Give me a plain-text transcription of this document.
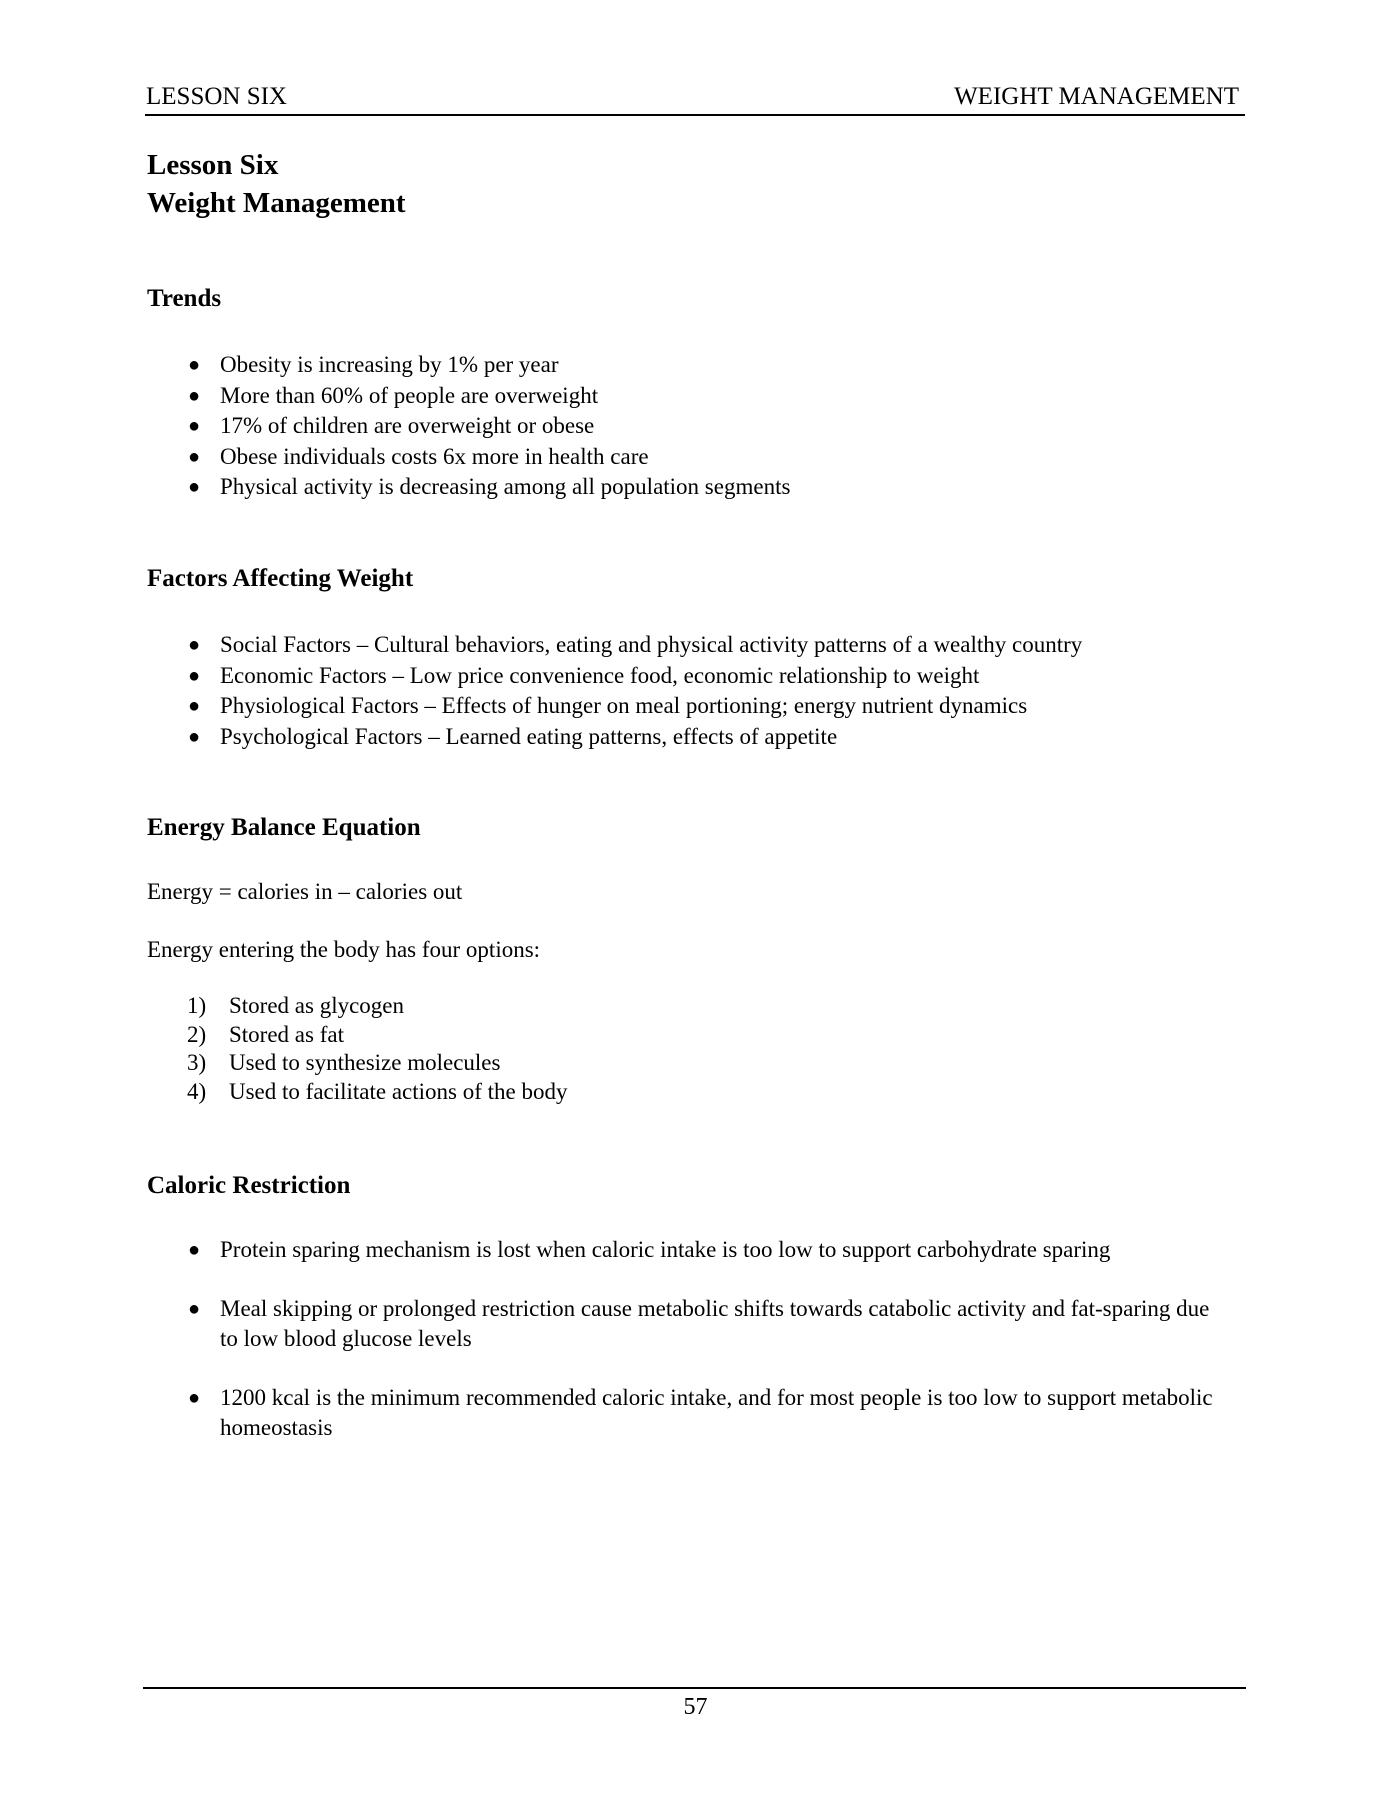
LESSON SIX	WEIGHT MANAGEMENT
Lesson Six
Weight Management
Trends
● Obesity is increasing by 1% per year
● More than 60% of people are overweight
● 17% of children are overweight or obese
● Obese individuals costs 6x more in health care
● Physical activity is decreasing among all population segments
Factors Affecting Weight
● Social Factors – Cultural behaviors, eating and physical activity patterns of a wealthy country
● Economic Factors – Low price convenience food, economic relationship to weight
● Physiological Factors – Effects of hunger on meal portioning; energy nutrient dynamics
● Psychological Factors – Learned eating patterns, effects of appetite
Energy Balance Equation
Energy = calories in – calories out
Energy entering the body has four options:
1) Stored as glycogen
2) Stored as fat
3) Used to synthesize molecules
4) Used to facilitate actions of the body
Caloric Restriction
● Protein sparing mechanism is lost when caloric intake is too low to support carbohydrate sparing
● Meal skipping or prolonged restriction cause metabolic shifts towards catabolic activity and fat-sparing due to low blood glucose levels
● 1200 kcal is the minimum recommended caloric intake, and for most people is too low to support metabolic homeostasis
57
